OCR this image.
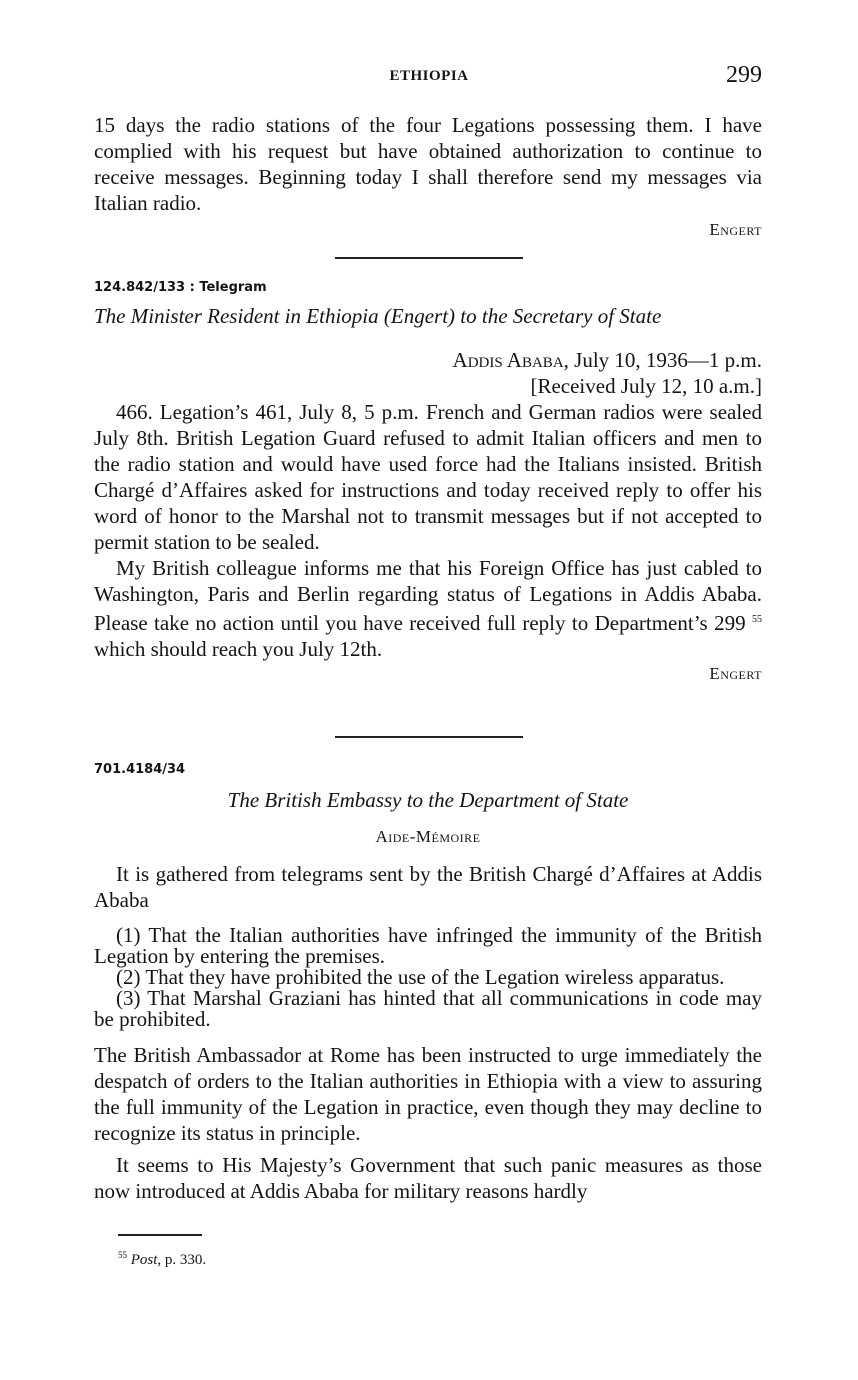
ETHIOPIA	299

15 days the radio stations of the four Legations possessing them. I have complied with his request but have obtained authorization to continue to receive messages. Beginning today I shall therefore send my messages via Italian radio.

Engert
124.842/133 : Telegram
The Minister Resident in Ethiopia (Engert) to the Secretary of State
Addis Ababa, July 10, 1936—1 p.m.
[Received July 12, 10 a.m.]

466. Legation’s 461, July 8, 5 p.m. French and German radios were sealed July 8th. British Legation Guard refused to admit Italian officers and men to the radio station and would have used force had the Italians insisted. British Chargé d’Affaires asked for instructions and today received reply to offer his word of honor to the Marshal not to transmit messages but if not accepted to permit station to be sealed.

My British colleague informs me that his Foreign Office has just cabled to Washington, Paris and Berlin regarding status of Legations in Addis Ababa. Please take no action until you have received full reply to Department’s 299 $^{55}$ which should reach you July 12th.

Engert
701.4184/34
The British Embassy to the Department of State
Aide-Mémoire

It is gathered from telegrams sent by the British Chargé d’Affaires at Addis Ababa

(1) That the Italian authorities have infringed the immunity of the British Legation by entering the premises.

(2) That they have prohibited the use of the Legation wireless apparatus.

(3) That Marshal Graziani has hinted that all communications in code may be prohibited.

The British Ambassador at Rome has been instructed to urge immediately the despatch of orders to the Italian authorities in Ethiopia with a view to assuring the full immunity of the Legation in practice, even though they may decline to recognize its status in principle.

It seems to His Majesty’s Government that such panic measures as those now introduced at Addis Ababa for military reasons hardly

$^{55}$ Post, p. 330.
